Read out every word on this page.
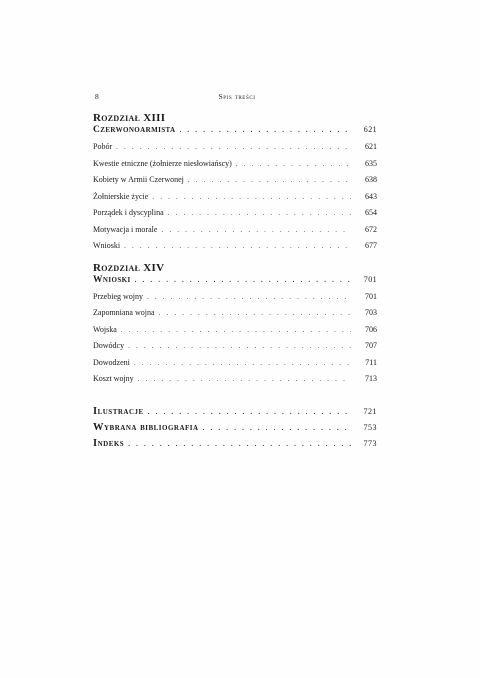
8	Spis treści
Rozdział XIII
Czerwonoarmista . . .	621
Pobór . . .	621
Kwestie etniczne (żołnierze niesłowiańscy) . . .	635
Kobiety w Armii Czerwonej . . .	638
Żołnierskie życie . . .	643
Porządek i dyscyplina . . .	654
Motywacja i morale . . .	672
Wnioski . . .	677
Rozdział XIV
Wnioski . . .	701
Przebieg wojny . . .	701
Zapomniana wojna . . .	703
Wojska . . .	706
Dowódcy . . .	707
Dowodzeni . . .	711
Koszt wojny . . .	713
Ilustracje . . .	721
Wybrana bibliografia . . .	753
Indeks . . .	773
